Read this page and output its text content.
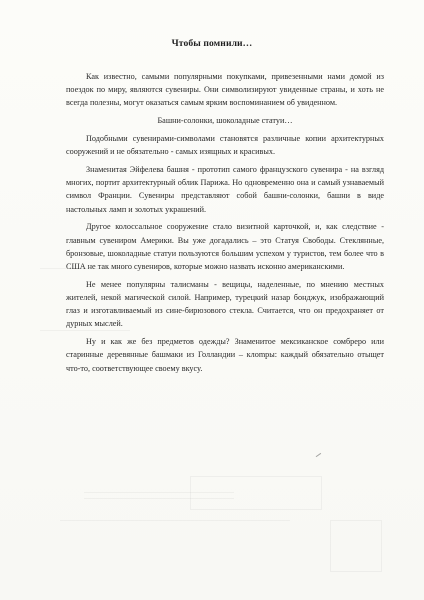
Чтобы помнили…

Как известно, самыми популярными покупками, привезенными нами домой из поездок по миру, являются сувениры. Они символизируют увиденные страны, и хоть не всегда полезны, могут оказаться самым ярким воспоминанием об увиденном.

Башни-солонки, шоколадные статуи…

Подобными сувенирами-символами становятся различные копии архитектурных сооружений и не обязательно - самых изящных и красивых.

Знаменитая Эйфелева башня - прототип самого французского сувенира - на взгляд многих, портит архитектурный облик Парижа. Но одновременно она и самый узнаваемый символ Франции. Сувениры представляют собой башни-солонки, башни в виде настольных ламп и золотых украшений.

Другое колоссальное сооружение стало визитной карточкой, и, как следствие - главным сувениром Америки. Вы уже догадались – это Статуя Свободы. Стеклянные, бронзовые, шоколадные статуи пользуются большим успехом у туристов, тем более что в США не так много сувениров, которые можно назвать исконно американскими.

Не менее популярны талисманы - вещицы, наделенные, по мнению местных жителей, некой магической силой. Например, турецкий назар бонджук, изображающий глаз и изготавливаемый из сине-бирюзового стекла. Считается, что он предохраняет от дурных мыслей.

Ну и как же без предметов одежды? Знаменитое мексиканское сомбреро или старинные деревянные башмаки из Голландии – клompы: каждый обязательно отыщет что-то, соответствующее своему вкусу.
